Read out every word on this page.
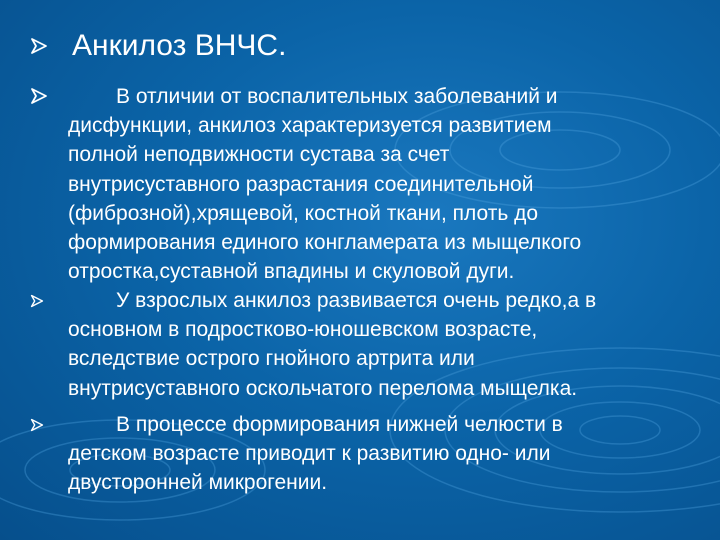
Анкилоз ВНЧС.

В отличии от воспалительных заболеваний и
дисфункции, анкилоз характеризуется развитием
полной неподвижности сустава за счет
внутрисуставного разрастания соединительной
(фиброзной),хрящевой, костной ткани, плоть до
формирования единого конгламерата из мыщелкого
отростка,суставной впадины и скуловой дуги.

У взрослых анкилоз развивается очень редко,а в
основном в подростково-юношевском возрасте,
вследствие острого гнойного артрита или
внутрисуставного оскольчатого перелома мыщелка.

В процессе формирования нижней челюсти в
детском возрасте приводит к развитию одно- или
двусторонней микрогении.
